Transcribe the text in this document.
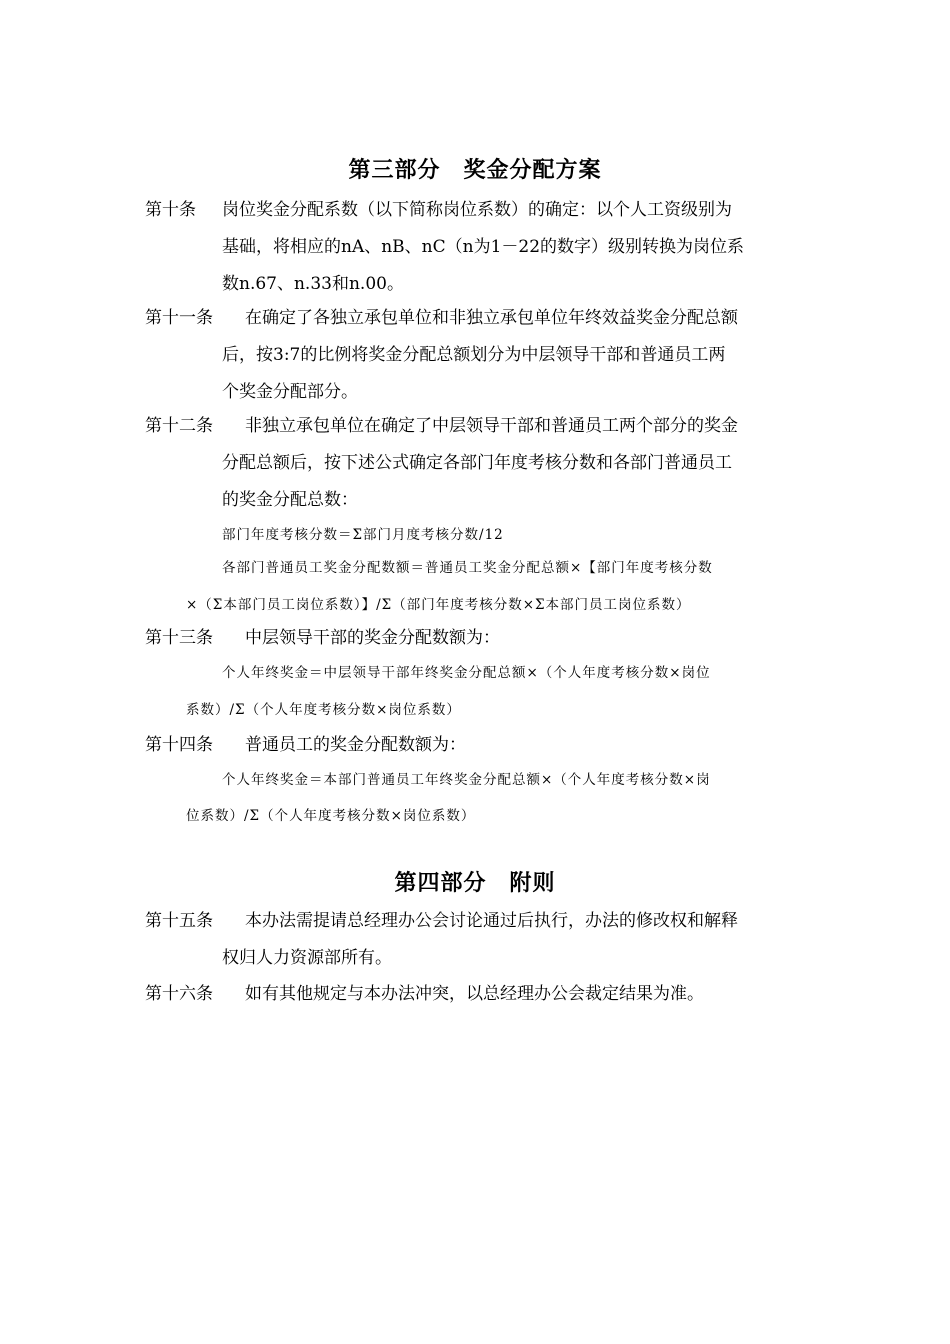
第三部分　奖金分配方案
第十条 岗位奖金分配系数（以下简称岗位系数）的确定：以个人工资级别为
基础，将相应的nA、nB、nC（n为1－22的数字）级别转换为岗位系
数n.67、n.33和n.00。

第十一条 在确定了各独立承包单位和非独立承包单位年终效益奖金分配总额

后，按3:7的比例将奖金分配总额划分为中层领导干部和普通员工两
个奖金分配部分。

第十二条 非独立承包单位在确定了中层领导干部和普通员工两个部分的奖金

分配总额后，按下述公式确定各部门年度考核分数和各部门普通员工
的奖金分配总数：

部门年度考核分数＝Σ部门月度考核分数/12
各部门普通员工奖金分配数额＝普通员工奖金分配总额×【部门年度考核分数
×（Σ本部门员工岗位系数）】/Σ（部门年度考核分数×Σ本部门员工岗位系数）
第十三条 中层领导干部的奖金分配数额为：

个人年终奖金＝中层领导干部年终奖金分配总额×（个人年度考核分数×岗位
系数）/Σ（个人年度考核分数×岗位系数）
第十四条 普通员工的奖金分配数额为：

个人年终奖金＝本部门普通员工年终奖金分配总额×（个人年度考核分数×岗
位系数）/Σ（个人年度考核分数×岗位系数）
第四部分　附则
第十五条 本办法需提请总经理办公会讨论通过后执行，办法的修改权和解释

权归人力资源部所有。

第十六条 如有其他规定与本办法冲突，以总经理办公会裁定结果为准。
